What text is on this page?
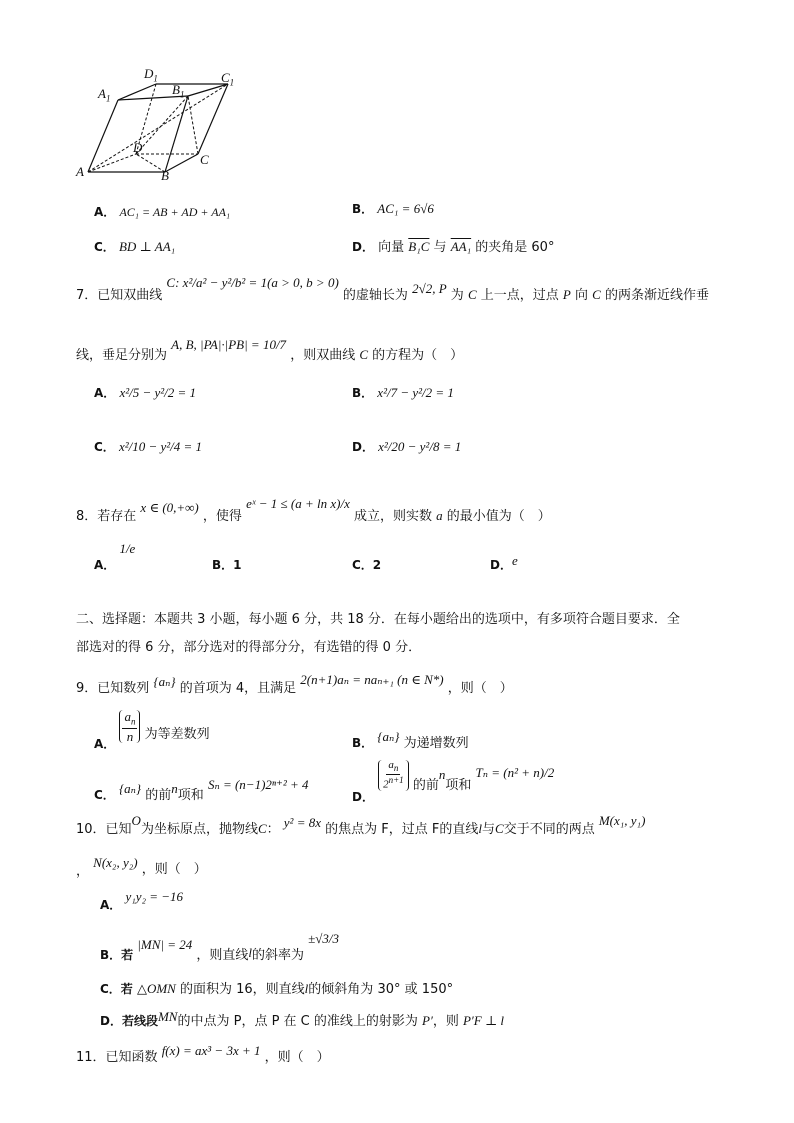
$D_1$	$C_1$
$A_1$
$B_1$
D
C
A	B
A． AC₁ = AB + AD + AA₁	B． AC₁ = 6√6
C． BD ⊥ AA₁	D． 向量 B₁C 与 AA₁ 的夹角是 60°
7．已知双曲线 C: x²/a² − y²/b² = 1(a > 0, b > 0) 的虚轴长为 2√2, P 为 C 上一点，过点 P 向 C 的两条渐近线作垂
线，垂足分别为 A, B, |PA|·|PB| = 10/7 ，则双曲线 C 的方程为（　）
A． x²/5 − y²/2 = 1	B． x²/7 − y²/2 = 1
C． x²/10 − y²/4 = 1	D． x²/20 − y²/8 = 1
8．若存在 x ∈ (0,+∞) ，使得 eˣ − 1 ≤ (a + ln x)/x 成立，则实数 a 的最小值为（　）
A． 1/e
B．1	C．2	D．e
二、选择题：本题共 3 小题，每小题 6 分，共 18 分．在每小题给出的选项中，有多项符合题目要求．全
部选对的得 6 分，部分选对的得部分分，有选错的得 0 分．
9．已知数列 {aₙ} 的首项为 4，且满足 2(n+1)aₙ = naₙ₊₁ (n ∈ N*) ，则（　）
A．
$\frac{a_n}{n}$ 为等差数列
B． {aₙ} 为递增数列
C． {aₙ} 的前n项和 Sₙ = (n−1)2ⁿ⁺² + 4
D．
$\frac{a_n}{2^{n+1}}$ 的前n项和 Tₙ = (n² + n)/2
10．已知O为坐标原点，抛物线C： y² = 8x 的焦点为 F，过点 F的直线l与C交于不同的两点 M(x₁, y₁)
， N(x₂, y₂) ，则（　）
A． y₁y₂ = −16
B．若 |MN| = 24 ，则直线l的斜率为 ±√3/3
C．若 △OMN 的面积为 16，则直线l的倾斜角为 30° 或 150°
D．若线段MN的中点为 P，点 P 在 C 的准线上的射影为 P′，则 P′F ⊥ l
11．已知函数 f(x) = ax³ − 3x + 1 ，则（　）
